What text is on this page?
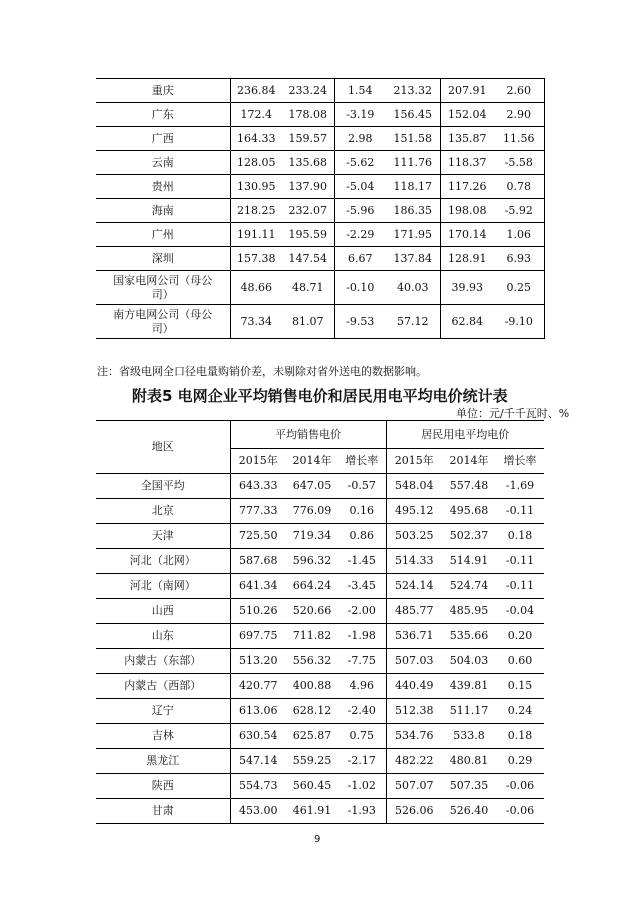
重庆	236.84	233.24	1.54	213.32	207.91	2.60
广东	172.4	178.08	-3.19	156.45	152.04	2.90
广西	164.33	159.57	2.98	151.58	135.87	11.56
云南	128.05	135.68	-5.62	111.76	118.37	-5.58
贵州	130.95	137.90	-5.04	118.17	117.26	0.78
海南	218.25	232.07	-5.96	186.35	198.08	-5.92
广州	191.11	195.59	-2.29	171.95	170.14	1.06
深圳	157.38	147.54	6.67	137.84	128.91	6.93
国家电网公司（母公司）	48.66	48.71	-0.10	40.03	39.93	0.25
南方电网公司（母公司）	73.34	81.07	-9.53	57.12	62.84	-9.10
注：省级电网全口径电量购销价差，未剔除对省外送电的数据影响。
附表5 电网企业平均销售电价和居民用电平均电价统计表
单位：元/千千瓦时、%
地区	平均销售电价			居民用电平均电价		
	2015年	2014年	增长率	2015年	2014年	增长率
全国平均	643.33	647.05	-0.57	548.04	557.48	-1.69
北京	777.33	776.09	0.16	495.12	495.68	-0.11
天津	725.50	719.34	0.86	503.25	502.37	0.18
河北（北网）	587.68	596.32	-1.45	514.33	514.91	-0.11
河北（南网）	641.34	664.24	-3.45	524.14	524.74	-0.11
山西	510.26	520.66	-2.00	485.77	485.95	-0.04
山东	697.75	711.82	-1.98	536.71	535.66	0.20
内蒙古（东部）	513.20	556.32	-7.75	507.03	504.03	0.60
内蒙古（西部）	420.77	400.88	4.96	440.49	439.81	0.15
辽宁	613.06	628.12	-2.40	512.38	511.17	0.24
吉林	630.54	625.87	0.75	534.76	533.8	0.18
黑龙江	547.14	559.25	-2.17	482.22	480.81	0.29
陕西	554.73	560.45	-1.02	507.07	507.35	-0.06
甘肃	453.00	461.91	-1.93	526.06	526.40	-0.06
9
